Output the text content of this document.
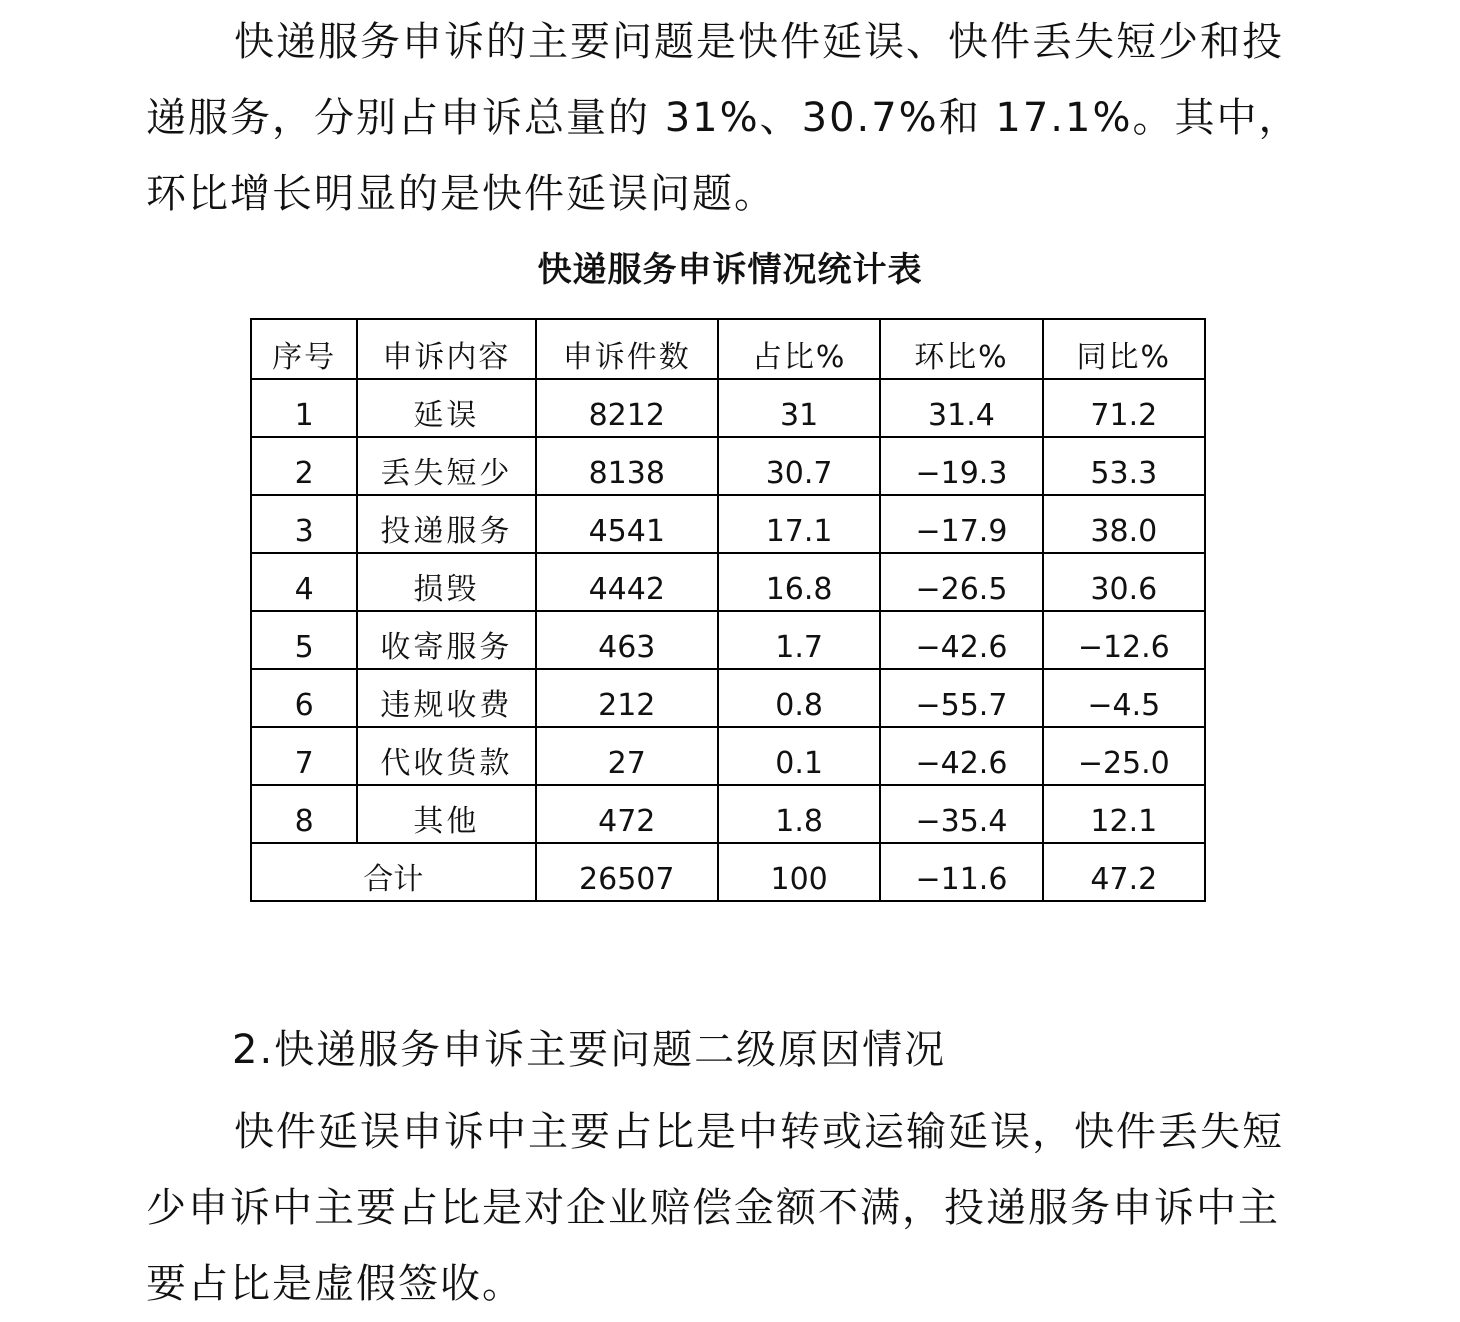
快递服务申诉的主要问题是快件延误、快件丢失短少和投递服务，分别占申诉总量的 31%、30.7%和 17.1%。其中，环比增长明显的是快件延误问题。

快递服务申诉情况统计表
序号	申诉内容	申诉件数	占比%	环比%	同比%
1	延误	8212	31	31.4	71.2
2	丢失短少	8138	30.7	−19.3	53.3
3	投递服务	4541	17.1	−17.9	38.0
4	损毁	4442	16.8	−26.5	30.6
5	收寄服务	463	1.7	−42.6	−12.6
6	违规收费	212	0.8	−55.7	−4.5
7	代收货款	27	0.1	−42.6	−25.0
8	其他	472	1.8	−35.4	12.1
合计		26507	100	−11.6	47.2
2.快递服务申诉主要问题二级原因情况

快件延误申诉中主要占比是中转或运输延误，快件丢失短少申诉中主要占比是对企业赔偿金额不满，投递服务申诉中主要占比是虚假签收。
